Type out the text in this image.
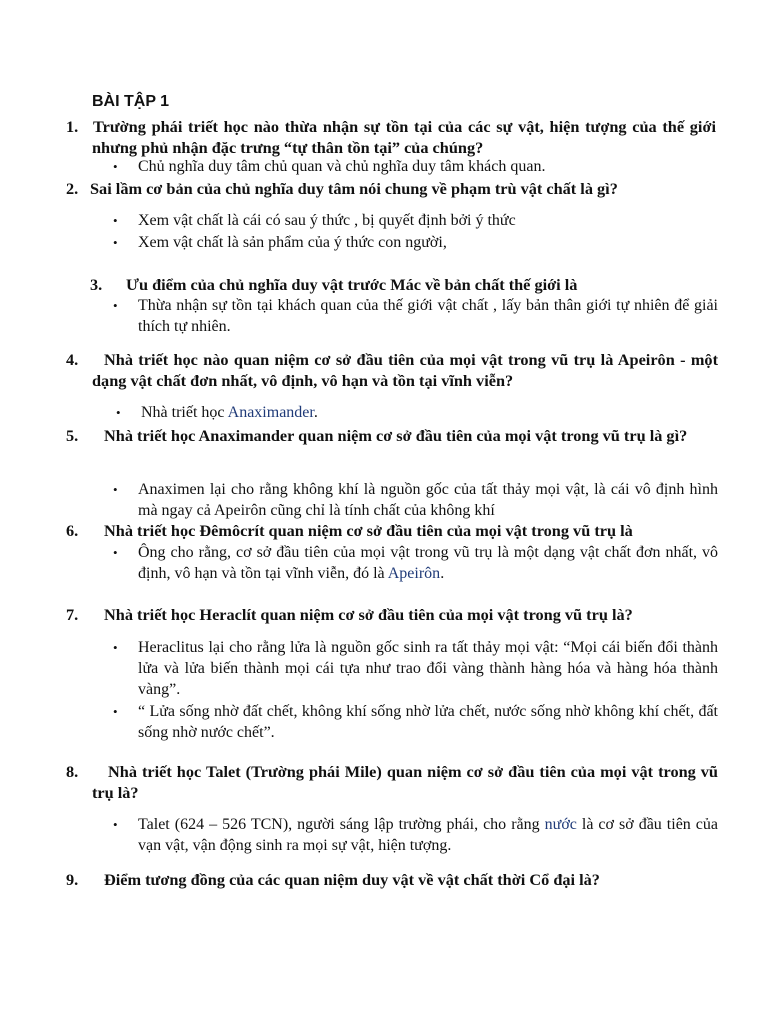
BÀI TẬP 1
1. Trường phái triết học nào thừa nhận sự tồn tại của các sự vật, hiện tượng của thế giới nhưng phủ nhận đặc trưng “tự thân tồn tại” của chúng?
• Chủ nghĩa duy tâm chủ quan và chủ nghĩa duy tâm khách quan.
2. Sai lầm cơ bản của chủ nghĩa duy tâm nói chung về phạm trù vật chất là gì?
• Xem vật chất là cái có sau ý thức , bị quyết định bởi ý thức
• Xem vật chất là sản phẩm của ý thức con người,
3. Ưu điểm của chủ nghĩa duy vật trước Mác về bản chất thế giới là
• Thừa nhận sự tồn tại khách quan của thế giới vật chất , lấy bản thân giới tự nhiên để giải thích tự nhiên.
4.	Nhà triết học nào quan niệm cơ sở đầu tiên của mọi vật trong vũ trụ là Apeirôn - một dạng vật chất đơn nhất, vô định, vô hạn và tồn tại vĩnh viễn?
• Nhà triết học Anaximander.
5.	Nhà triết học Anaximander quan niệm cơ sở đầu tiên của mọi vật trong vũ trụ là gì?
• Anaximen lại cho rằng không khí là nguồn gốc của tất thảy mọi vật, là cái vô định hình mà ngay cả Apeirôn cũng chỉ là tính chất của không khí
6.	Nhà triết học Đêmôcrít quan niệm cơ sở đầu tiên của mọi vật trong vũ trụ là
• Ông cho rằng, cơ sở đầu tiên của mọi vật trong vũ trụ là một dạng vật chất đơn nhất, vô định, vô hạn và tồn tại vĩnh viễn, đó là Apeirôn.
7. Nhà triết học Heraclít quan niệm cơ sở đầu tiên của mọi vật trong vũ trụ là?
• Heraclitus lại cho rằng lửa là nguồn gốc sinh ra tất thảy mọi vật: “Mọi cái biến đổi thành lửa và lửa biến thành mọi cái tựa như trao đổi vàng thành hàng hóa và hàng hóa thành vàng”.
• “ Lửa sống nhờ đất chết, không khí sống nhờ lửa chết, nước sống nhờ không khí chết, đất sống nhờ nước chết”.
8.	Nhà triết học Talet (Trường phái Mile) quan niệm cơ sở đầu tiên của mọi vật trong vũ trụ là?
• Talet (624 – 526 TCN), người sáng lập trường phái, cho rằng nước là cơ sở đầu tiên của vạn vật, vận động sinh ra mọi sự vật, hiện tượng.
9. Điểm tương đồng của các quan niệm duy vật về vật chất thời Cổ đại là?
